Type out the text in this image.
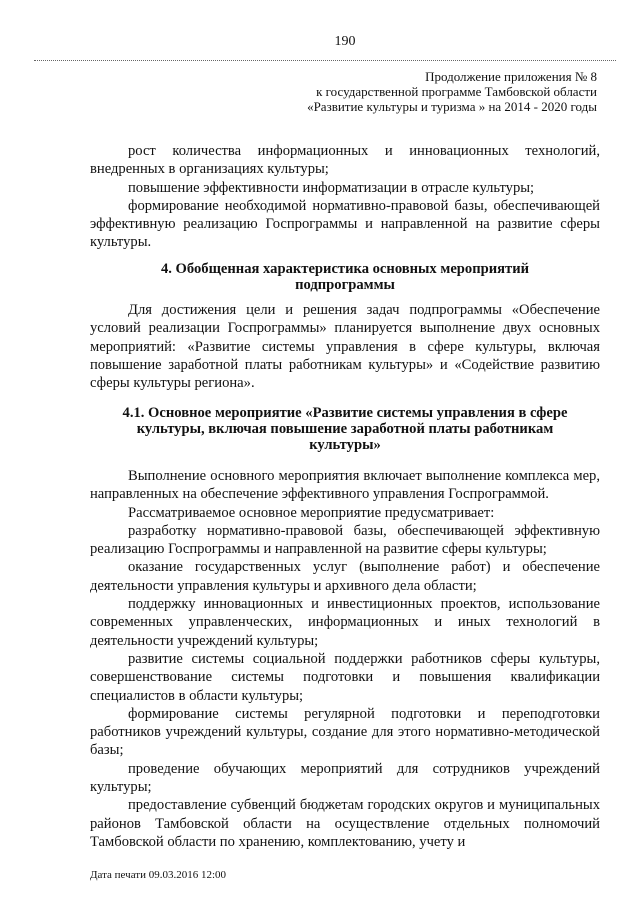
190
Продолжение приложения № 8
к государственной программе Тамбовской области
«Развитие культуры и туризма » на 2014 - 2020 годы

рост количества информационных и инновационных технологий, внедренных в организациях культуры;

повышение эффективности информатизации в отрасле культуры;

формирование необходимой нормативно-правовой базы, обеспечивающей эффективную реализацию Госпрограммы и направленной на развитие сферы культуры.

4. Обобщенная характеристика основных мероприятий подпрограммы

Для достижения цели и решения задач подпрограммы «Обеспечение условий реализации Госпрограммы» планируется выполнение двух основных мероприятий: «Развитие системы управления в сфере культуры, включая повышение заработной платы работникам культуры» и «Содействие развитию сферы культуры региона».

4.1. Основное мероприятие «Развитие системы управления в сфере культуры, включая повышение заработной платы работникам культуры»

Выполнение основного мероприятия включает выполнение комплекса мер, направленных на обеспечение эффективного управления Госпрограммой.

Рассматриваемое основное мероприятие предусматривает:

разработку нормативно-правовой базы, обеспечивающей эффективную реализацию Госпрограммы и направленной на развитие сферы культуры;

оказание государственных услуг (выполнение работ) и обеспечение деятельности управления культуры и архивного дела области;

поддержку инновационных и инвестиционных проектов, использование современных управленческих, информационных и иных технологий в деятельности учреждений культуры;

развитие системы социальной поддержки работников сферы культуры, совершенствование системы подготовки и повышения квалификации специалистов в области культуры;

формирование системы регулярной подготовки и переподготовки работников учреждений культуры, создание для этого нормативно-методической базы;

проведение обучающих мероприятий для сотрудников учреждений культуры;

предоставление субвенций бюджетам городских округов и муниципальных районов Тамбовской области на осуществление отдельных полномочий Тамбовской области по хранению, комплектованию, учету и

Дата печати 09.03.2016 12:00
